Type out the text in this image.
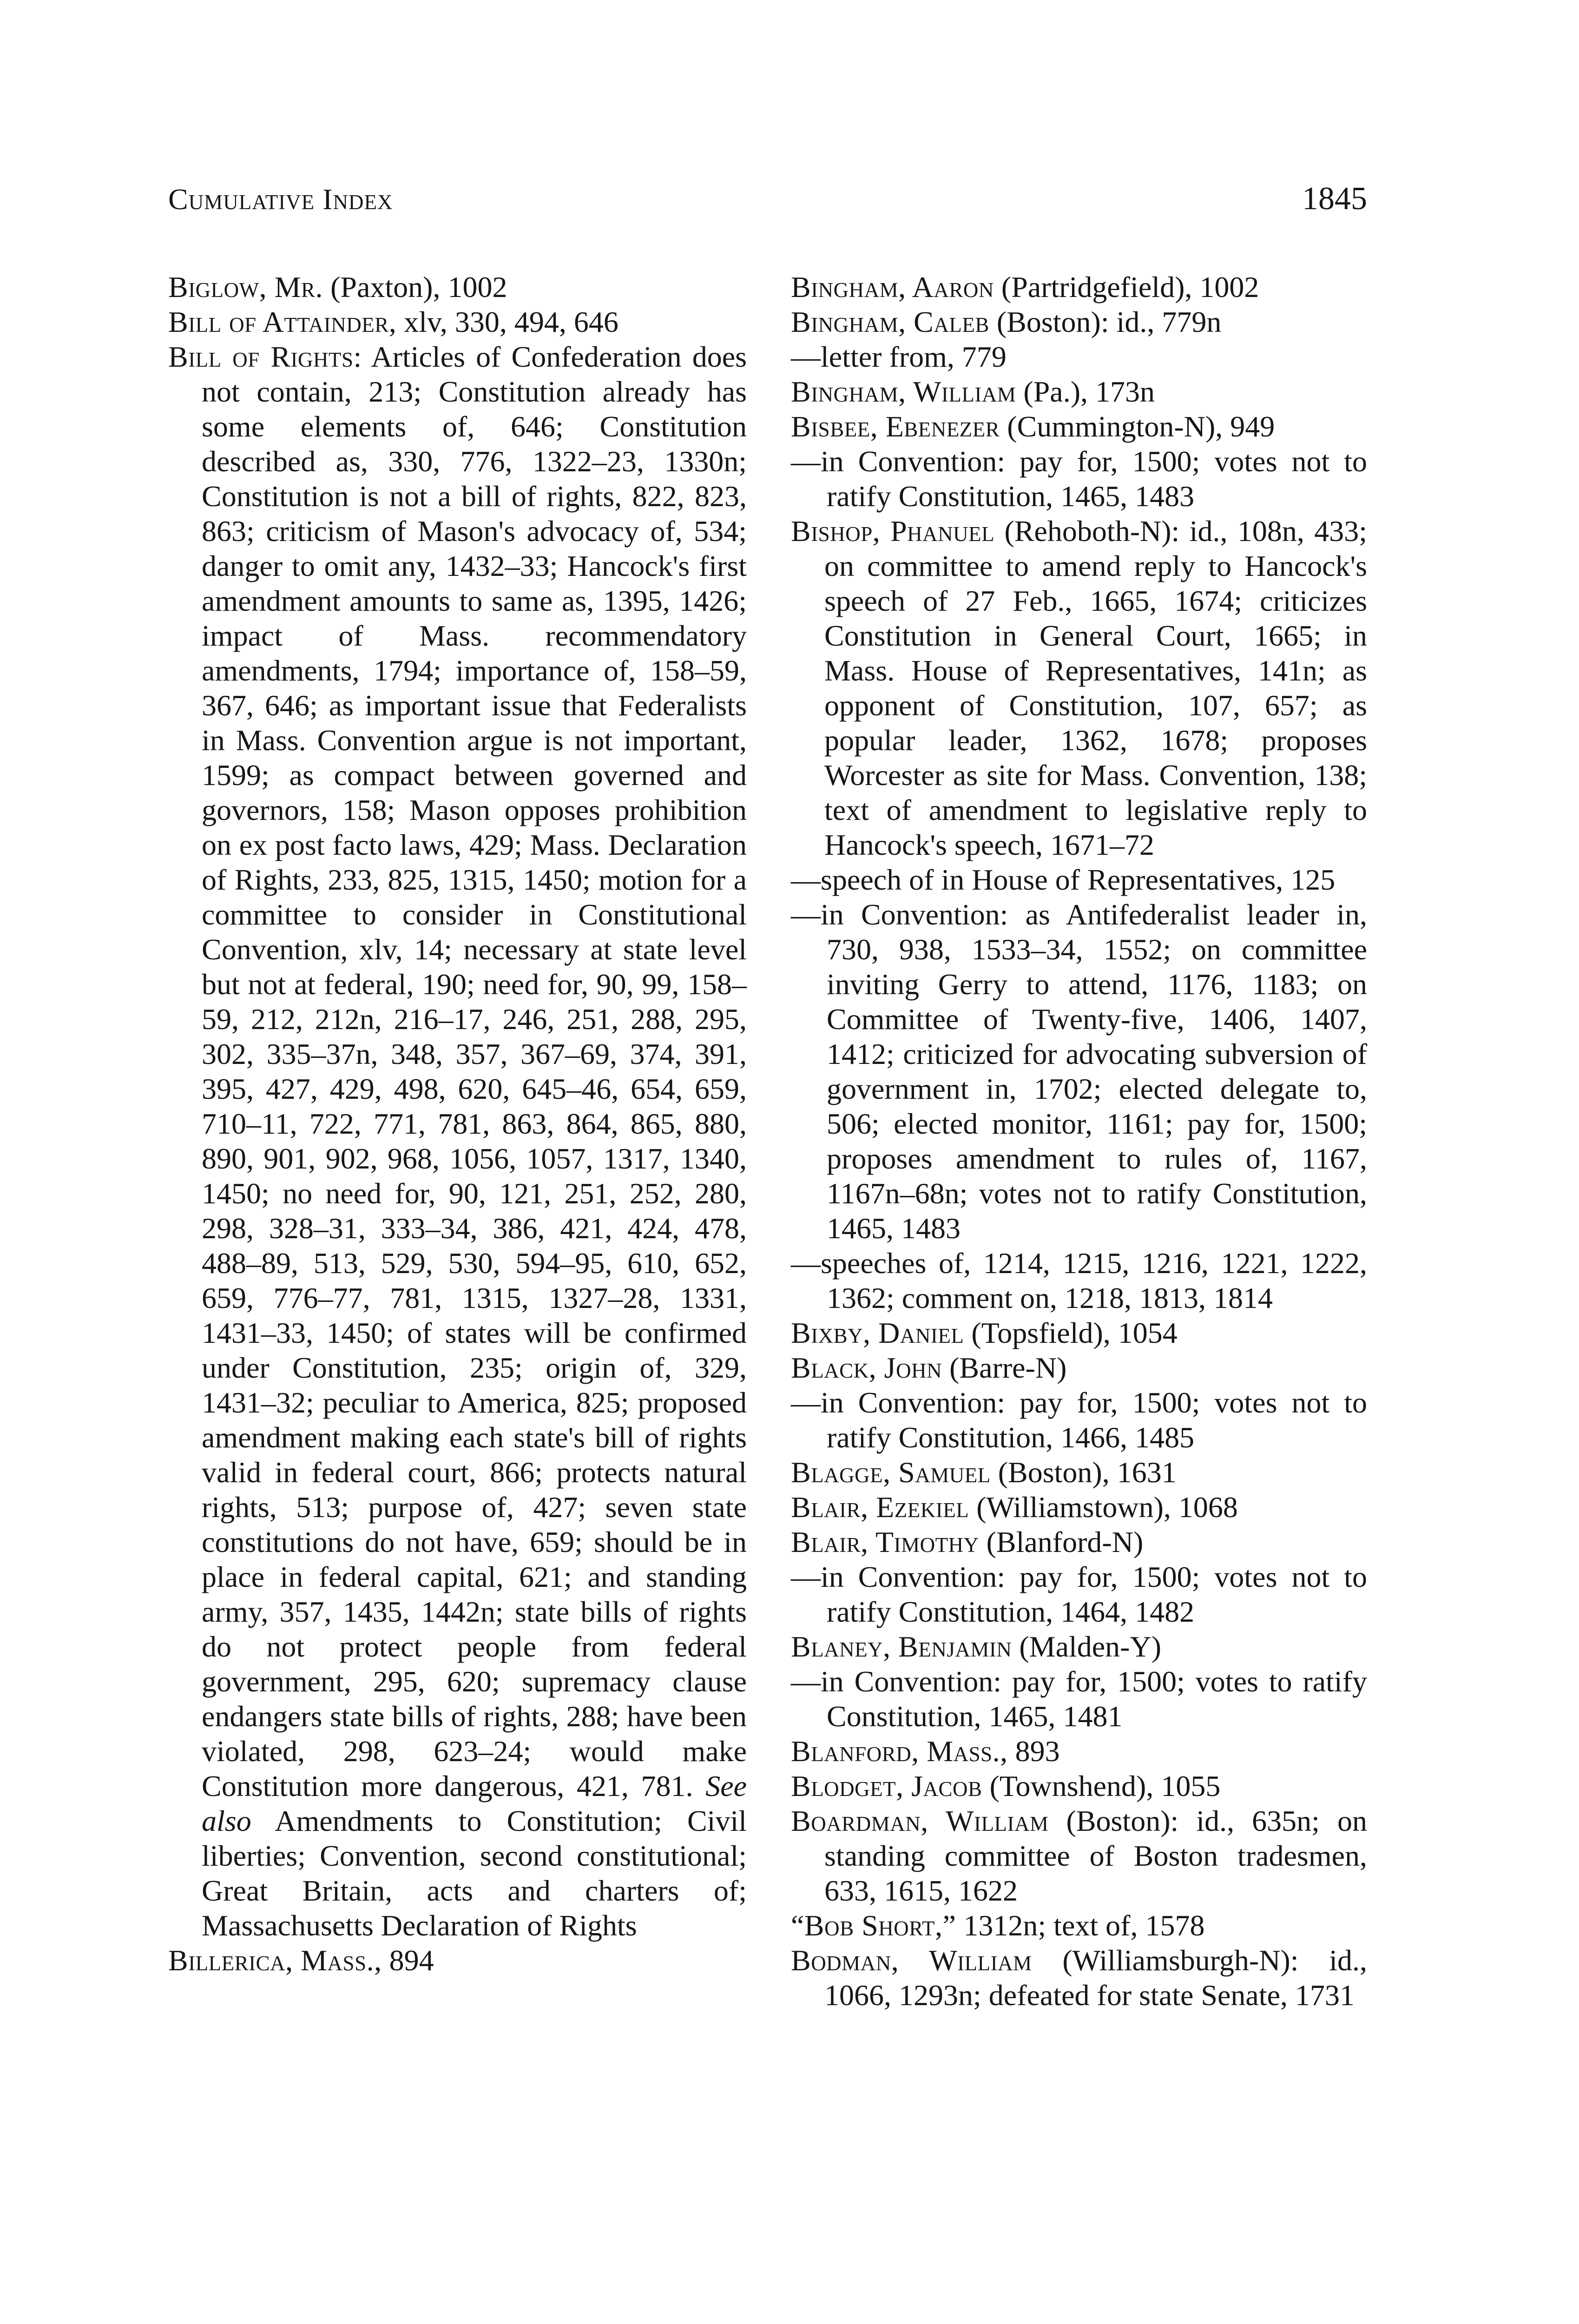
Cumulative Index	1845

Biglow, Mr. (Paxton), 1002

Bill of Attainder, xlv, 330, 494, 646

Bill of Rights: Articles of Confederation does not contain, 213; Constitution already has some elements of, 646; Constitution described as, 330, 776, 1322–23, 1330n; Constitution is not a bill of rights, 822, 823, 863; criticism of Mason's advocacy of, 534; danger to omit any, 1432–33; Hancock's first amendment amounts to same as, 1395, 1426; impact of Mass. recommendatory amendments, 1794; importance of, 158–59, 367, 646; as important issue that Federalists in Mass. Convention argue is not important, 1599; as compact between governed and governors, 158; Mason opposes prohibition on ex post facto laws, 429; Mass. Declaration of Rights, 233, 825, 1315, 1450; motion for a committee to consider in Constitutional Convention, xlv, 14; necessary at state level but not at federal, 190; need for, 90, 99, 158–59, 212, 212n, 216–17, 246, 251, 288, 295, 302, 335–37n, 348, 357, 367–69, 374, 391, 395, 427, 429, 498, 620, 645–46, 654, 659, 710–11, 722, 771, 781, 863, 864, 865, 880, 890, 901, 902, 968, 1056, 1057, 1317, 1340, 1450; no need for, 90, 121, 251, 252, 280, 298, 328–31, 333–34, 386, 421, 424, 478, 488–89, 513, 529, 530, 594–95, 610, 652, 659, 776–77, 781, 1315, 1327–28, 1331, 1431–33, 1450; of states will be confirmed under Constitution, 235; origin of, 329, 1431–32; peculiar to America, 825; proposed amendment making each state's bill of rights valid in federal court, 866; protects natural rights, 513; purpose of, 427; seven state constitutions do not have, 659; should be in place in federal capital, 621; and standing army, 357, 1435, 1442n; state bills of rights do not protect people from federal government, 295, 620; supremacy clause endangers state bills of rights, 288; have been violated, 298, 623–24; would make Constitution more dangerous, 421, 781. See also Amendments to Constitution; Civil liberties; Convention, second constitutional; Great Britain, acts and charters of; Massachusetts Declaration of Rights

Billerica, Mass., 894

Bingham, Aaron (Partridgefield), 1002

Bingham, Caleb (Boston): id., 779n

—letter from, 779

Bingham, William (Pa.), 173n

Bisbee, Ebenezer (Cummington-N), 949

—in Convention: pay for, 1500; votes not to ratify Constitution, 1465, 1483

Bishop, Phanuel (Rehoboth-N): id., 108n, 433; on committee to amend reply to Hancock's speech of 27 Feb., 1665, 1674; criticizes Constitution in General Court, 1665; in Mass. House of Representatives, 141n; as opponent of Constitution, 107, 657; as popular leader, 1362, 1678; proposes Worcester as site for Mass. Convention, 138; text of amendment to legislative reply to Hancock's speech, 1671–72

—speech of in House of Representatives, 125

—in Convention: as Antifederalist leader in, 730, 938, 1533–34, 1552; on committee inviting Gerry to attend, 1176, 1183; on Committee of Twenty-five, 1406, 1407, 1412; criticized for advocating subversion of government in, 1702; elected delegate to, 506; elected monitor, 1161; pay for, 1500; proposes amendment to rules of, 1167, 1167n–68n; votes not to ratify Constitution, 1465, 1483

—speeches of, 1214, 1215, 1216, 1221, 1222, 1362; comment on, 1218, 1813, 1814

Bixby, Daniel (Topsfield), 1054

Black, John (Barre-N)

—in Convention: pay for, 1500; votes not to ratify Constitution, 1466, 1485

Blagge, Samuel (Boston), 1631

Blair, Ezekiel (Williamstown), 1068

Blair, Timothy (Blanford-N)

—in Convention: pay for, 1500; votes not to ratify Constitution, 1464, 1482

Blaney, Benjamin (Malden-Y)

—in Convention: pay for, 1500; votes to ratify Constitution, 1465, 1481

Blanford, Mass., 893

Blodget, Jacob (Townshend), 1055

Boardman, William (Boston): id., 635n; on standing committee of Boston tradesmen, 633, 1615, 1622

“Bob Short,” 1312n; text of, 1578

Bodman, William (Williamsburgh-N): id., 1066, 1293n; defeated for state Senate, 1731
